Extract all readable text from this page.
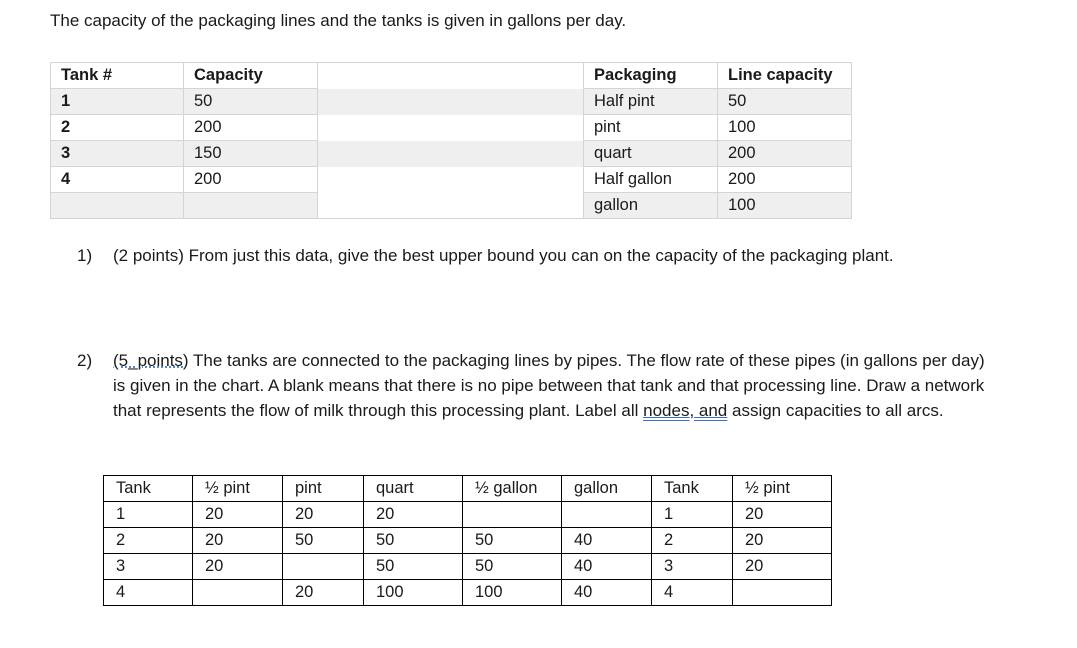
The capacity of the packaging lines and the tanks is given in gallons per day.
Tank #	Capacity		Packaging	Line capacity
1	50		Half pint	50
2	200		pint	100
3	150		quart	200
4	200		Half gallon	200
			gallon	100
1) (2 points) From just this data, give the best upper bound you can on the capacity of the packaging plant.
2) (5_points) The tanks are connected to the packaging lines by pipes. The flow rate of these pipes (in gallons per day) is given in the chart. A blank means that there is no pipe between that tank and that processing line. Draw a network that represents the flow of milk through this processing plant. Label all nodes, and assign capacities to all arcs.
Tank	½ pint	pint	quart	½ gallon	gallon	Tank	½ pint
1	20	20	20			1	20
2	20	50	50	50	40	2	20
3	20		50	50	40	3	20
4		20	100	100	40	4	
